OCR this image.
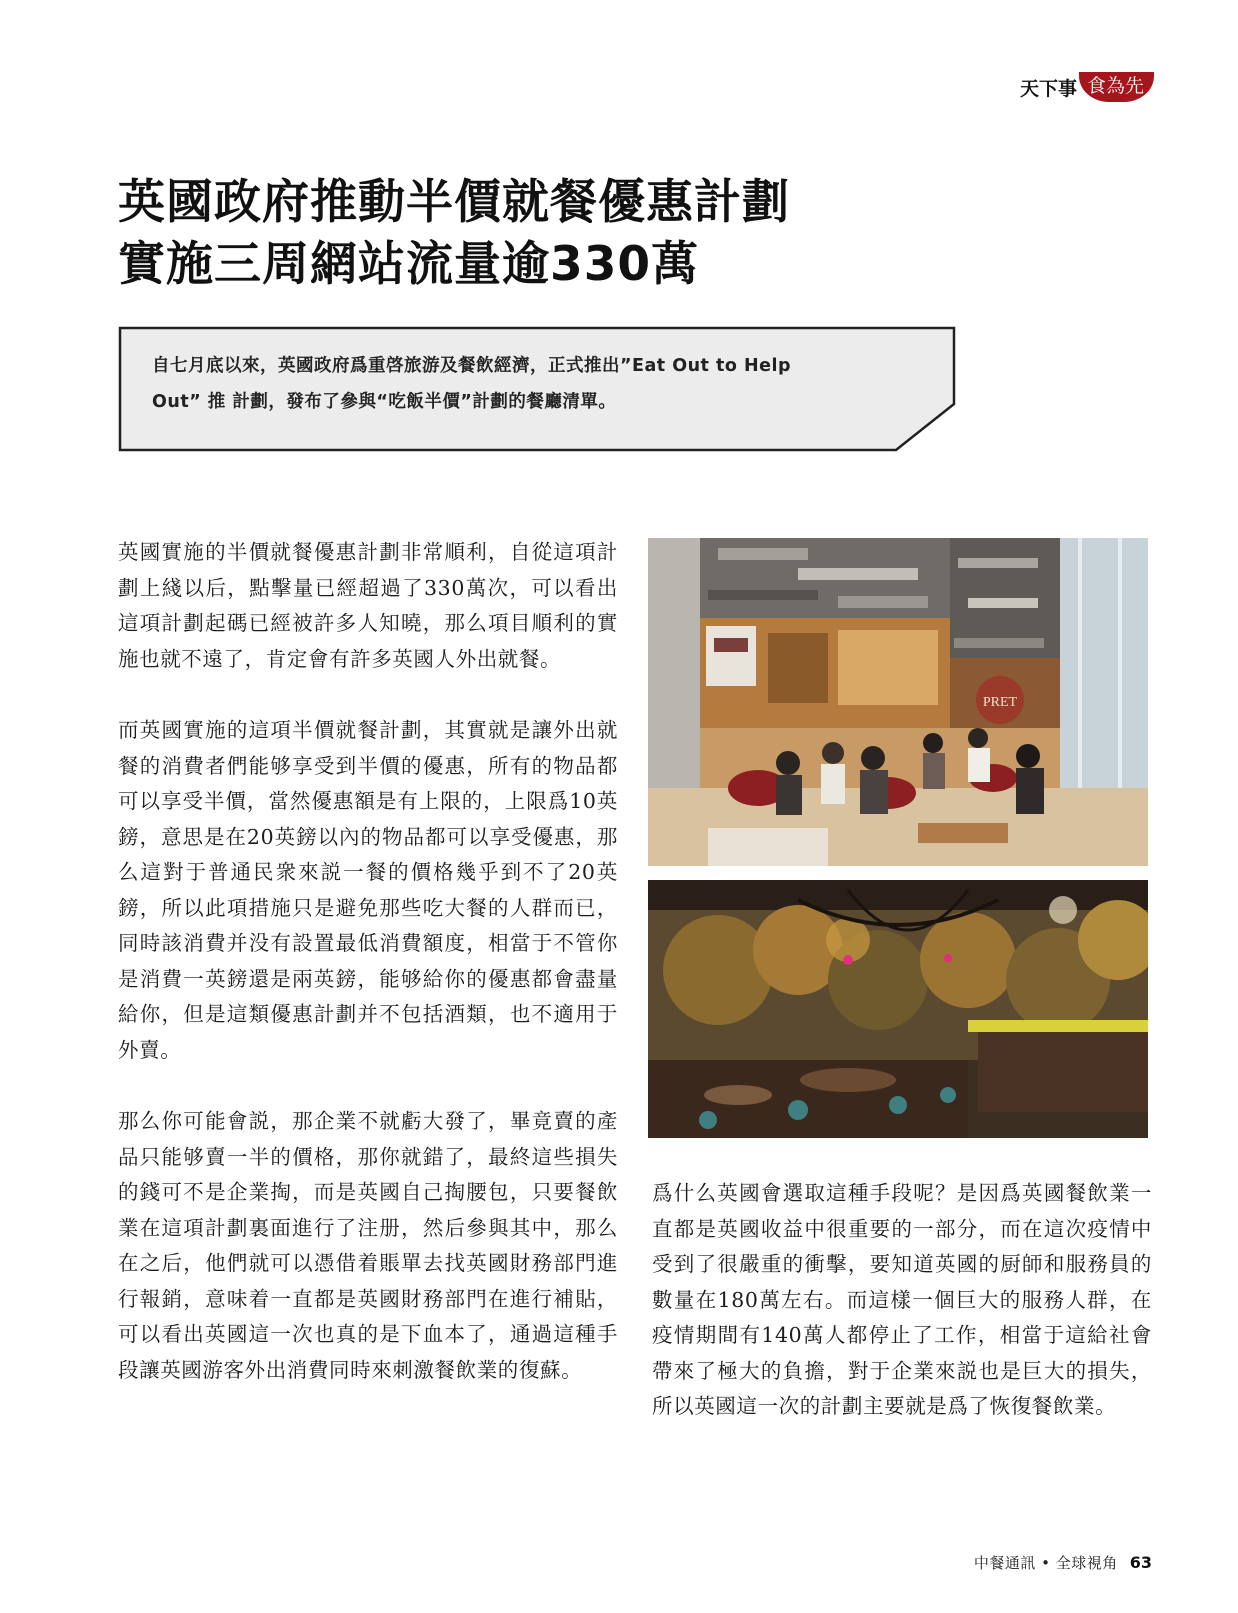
天下事 食為先
英國政府推動半價就餐優惠計劃
實施三周網站流量逾330萬
自七月底以來，英國政府爲重啓旅游及餐飲經濟，正式推出”Eat Out to Help
Out” 推 計劃，發布了參與“吃飯半價”計劃的餐廳清單。

英國實施的半價就餐優惠計劃非常順利，自從這項計劃上綫以后，點擊量已經超過了330萬次，可以看出這項計劃起碼已經被許多人知曉，那么項目順利的實施也就不遠了，肯定會有許多英國人外出就餐。

而英國實施的這項半價就餐計劃，其實就是讓外出就餐的消費者們能够享受到半價的優惠，所有的物品都可以享受半價，當然優惠額是有上限的，上限爲10英鎊，意思是在20英鎊以內的物品都可以享受優惠，那么這對于普通民衆來説一餐的價格幾乎到不了20英鎊，所以此項措施只是避免那些吃大餐的人群而已，同時該消費并没有設置最低消費額度，相當于不管你是消費一英鎊還是兩英鎊，能够給你的優惠都會盡量給你，但是這類優惠計劃并不包括酒類，也不適用于外賣。

那么你可能會説，那企業不就虧大發了，畢竟賣的產品只能够賣一半的價格，那你就錯了，最終這些損失的錢可不是企業掏，而是英國自己掏腰包，只要餐飲業在這項計劃裏面進行了注册，然后參與其中，那么在之后，他們就可以憑借着賬單去找英國財務部門進行報銷，意味着一直都是英國財務部門在進行補貼，可以看出英國這一次也真的是下血本了，通過這種手段讓英國游客外出消費同時來刺激餐飲業的復蘇。

PRET

爲什么英國會選取這種手段呢？是因爲英國餐飲業一直都是英國收益中很重要的一部分，而在這次疫情中受到了很嚴重的衝擊，要知道英國的厨師和服務員的數量在180萬左右。而這樣一個巨大的服務人群，在疫情期間有140萬人都停止了工作，相當于這給社會帶來了極大的負擔，對于企業來説也是巨大的損失，所以英國這一次的計劃主要就是爲了恢復餐飲業。

中餐通訊 • 全球視角 63
